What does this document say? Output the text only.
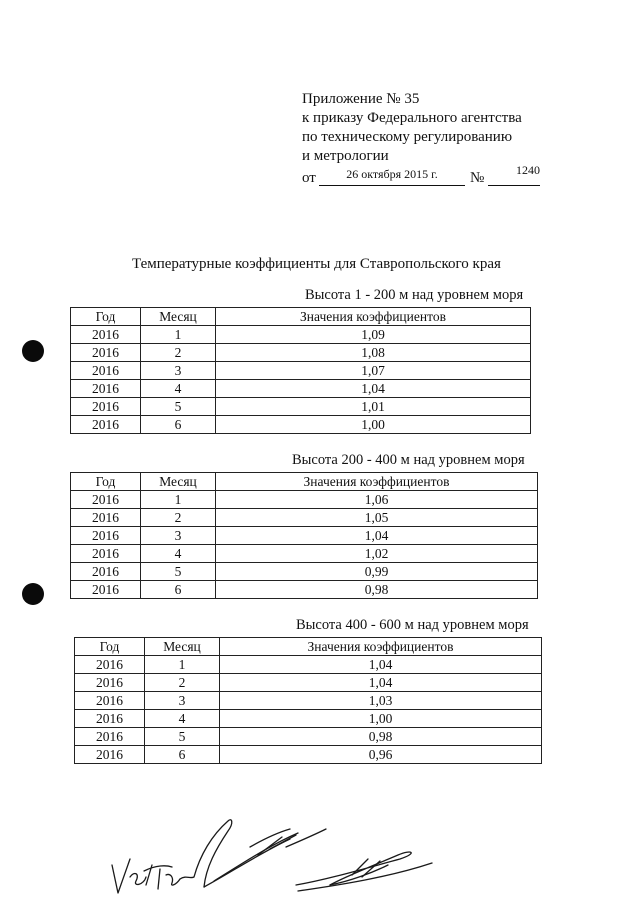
Приложение № 35
к приказу Федерального агентства
по техническому регулированию
и метрологии
от	26 октября 2015 г.	№	1240
Температурные коэффициенты для Ставропольского края
Высота 1 - 200 м над уровнем моря
Год	Месяц	Значения коэффициентов
2016	1	1,09
2016	2	1,08
2016	3	1,07
2016	4	1,04
2016	5	1,01
2016	6	1,00
Высота 200 - 400 м над уровнем моря
Год	Месяц	Значения коэффициентов
2016	1	1,06
2016	2	1,05
2016	3	1,04
2016	4	1,02
2016	5	0,99
2016	6	0,98
Высота 400 - 600 м над уровнем моря
Год	Месяц	Значения коэффициентов
2016	1	1,04
2016	2	1,04
2016	3	1,03
2016	4	1,00
2016	5	0,98
2016	6	0,96
